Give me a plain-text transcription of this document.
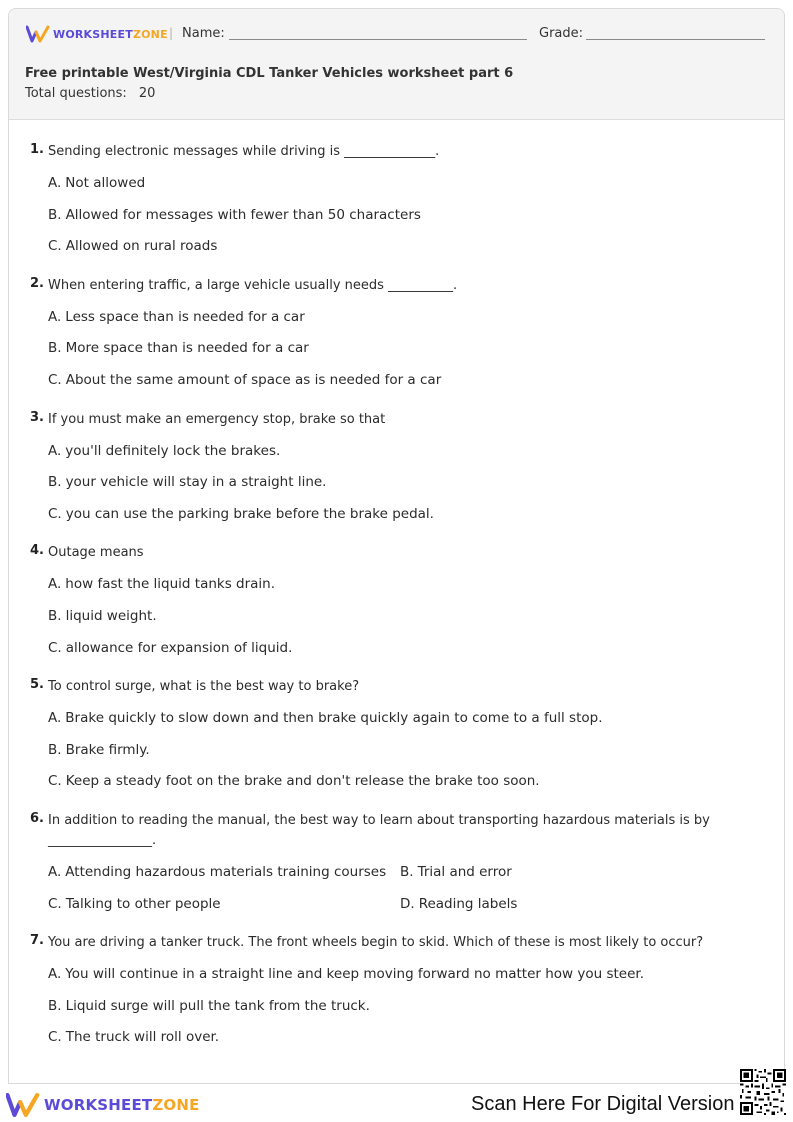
WORKSHEETZONE | Name:	Grade:
Free printable West/Virginia CDL Tanker Vehicles worksheet part 6
Total questions: 20
1. Sending electronic messages while driving is ______________.
A. Not allowed
B. Allowed for messages with fewer than 50 characters
C. Allowed on rural roads
2. When entering traffic, a large vehicle usually needs __________.
A. Less space than is needed for a car
B. More space than is needed for a car
C. About the same amount of space as is needed for a car
3. If you must make an emergency stop, brake so that
A. you'll definitely lock the brakes.
B. your vehicle will stay in a straight line.
C. you can use the parking brake before the brake pedal.
4. Outage means
A. how fast the liquid tanks drain.
B. liquid weight.
C. allowance for expansion of liquid.
5. To control surge, what is the best way to brake?
A. Brake quickly to slow down and then brake quickly again to come to a full stop.
B. Brake firmly.
C. Keep a steady foot on the brake and don't release the brake too soon.
6. In addition to reading the manual, the best way to learn about transporting hazardous materials is by ________________.
A. Attending hazardous materials training courses	B. Trial and error
C. Talking to other people	D. Reading labels
7. You are driving a tanker truck. The front wheels begin to skid. Which of these is most likely to occur?
A. You will continue in a straight line and keep moving forward no matter how you steer.
B. Liquid surge will pull the tank from the truck.
C. The truck will roll over.
WORKSHEETZONE	Scan Here For Digital Version
